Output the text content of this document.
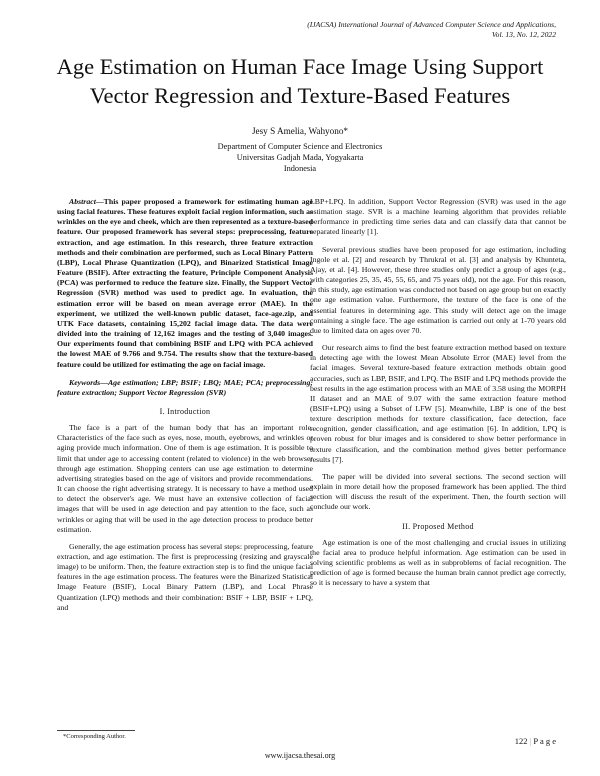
(IJACSA) International Journal of Advanced Computer Science and Applications,
Vol. 13, No. 12, 2022
Age Estimation on Human Face Image Using Support Vector Regression and Texture-Based Features
Jesy S Amelia, Wahyono*
Department of Computer Science and Electronics
Universitas Gadjah Mada, Yogyakarta
Indonesia

Abstract—This paper proposed a framework for estimating human age using facial features. These features exploit facial region information, such as wrinkles on the eye and cheek, which are then represented as a texture-based feature. Our proposed framework has several steps: preprocessing, feature extraction, and age estimation. In this research, three feature extraction methods and their combination are performed, such as Local Binary Pattern (LBP), Local Phrase Quantization (LPQ), and Binarized Statistical Image Feature (BSIF). After extracting the feature, Principle Component Analysis (PCA) was performed to reduce the feature size. Finally, the Support Vector Regression (SVR) method was used to predict age. In evaluation, the estimation error will be based on mean average error (MAE). In the experiment, we utilized the well-known public dataset, face-age.zip, and UTK Face datasets, containing 15,202 facial image data. The data were divided into the training of 12,162 images and the testing of 3,040 images. Our experiments found that combining BSIF and LPQ with PCA achieved the lowest MAE of 9.766 and 9.754. The results show that the texture-based feature could be utilized for estimating the age on facial image.

Keywords—Age estimation; LBP; BSIF; LBQ; MAE; PCA; preprocessing; feature extraction; Support Vector Regression (SVR)

I. Introduction

The face is a part of the human body that has an important role. Characteristics of the face such as eyes, nose, mouth, eyebrows, and wrinkles or aging provide much information. One of them is age estimation. It is possible to limit that under age to accessing content (related to violence) in the web browser through age estimation. Shopping centers can use age estimation to determine advertising strategies based on the age of visitors and provide recommendations. It can choose the right advertising strategy. It is necessary to have a method used to detect the observer's age. We must have an extensive collection of facial images that will be used in age detection and pay attention to the face, such as wrinkles or aging that will be used in the age detection process to produce better estimation.

Generally, the age estimation process has several steps: preprocessing, feature extraction, and age estimation. The first is preprocessing (resizing and grayscale image) to be uniform. Then, the feature extraction step is to find the unique facial features in the age estimation process. The features were the Binarized Statistical Image Feature (BSIF), Local Binary Pattern (LBP), and Local Phrase Quantization (LPQ) methods and their combination: BSIF + LBP, BSIF + LPQ, and

LBP+LPQ. In addition, Support Vector Regression (SVR) was used in the age estimation stage. SVR is a machine learning algorithm that provides reliable performance in predicting time series data and can classify data that cannot be separated linearly [1].

Several previous studies have been proposed for age estimation, including Ingole et al. [2] and research by Thrukral et al. [3] and analysis by Khunteta, Ajay, et al. [4]. However, these three studies only predict a group of ages (e.g., with categories 25, 35, 45, 55, 65, and 75 years old), not the age. For this reason, in this study, age estimation was conducted not based on age group but on exactly one age estimation value. Furthermore, the texture of the face is one of the essential features in determining age. This study will detect age on the image containing a single face. The age estimation is carried out only at 1-70 years old due to limited data on ages over 70.

Our research aims to find the best feature extraction method based on texture in detecting age with the lowest Mean Absolute Error (MAE) level from the facial images. Several texture-based feature extraction methods obtain good accuracies, such as LBP, BSIF, and LPQ. The BSIF and LPQ methods provide the best results in the age estimation process with an MAE of 3.58 using the MORPH II dataset and an MAE of 9.07 with the same extraction feature method (BSIF+LPQ) using a Subset of LFW [5]. Meanwhile, LBP is one of the best texture description methods for texture classification, face detection, face recognition, gender classification, and age estimation [6]. In addition, LPQ is proven robust for blur images and is considered to show better performance in texture classification, and the combination method gives better performance results [7].

The paper will be divided into several sections. The second section will explain in more detail how the proposed framework has been applied. The third section will discuss the result of the experiment. Then, the fourth section will conclude our work.

II. Proposed Method

Age estimation is one of the most challenging and crucial issues in utilizing the facial area to produce helpful information. Age estimation can be used in solving scientific problems as well as in subproblems of facial recognition. The prediction of age is formed because the human brain cannot predict age correctly, so it is necessary to have a system that

*Corresponding Author.	122 | P a g e
www.ijacsa.thesai.org
